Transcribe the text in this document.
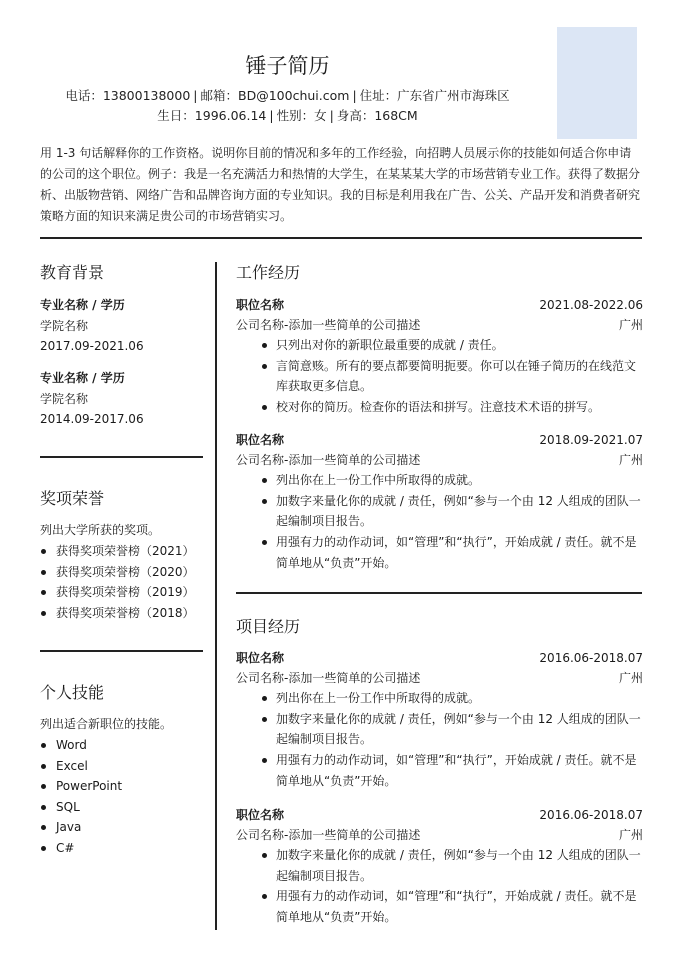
锤子简历
电话：13800138000 | 邮箱：BD@100chui.com | 住址：广东省广州市海珠区
生日：1996.06.14 | 性别：女 | 身高：168CM
用 1-3 句话解释你的工作资格。说明你目前的情况和多年的工作经验，向招聘人员展示你的技能如何适合你申请的公司的这个职位。例子：我是一名充满活力和热情的大学生，在某某某大学的市场营销专业工作。获得了数据分析、出版物营销、网络广告和品牌咨询方面的专业知识。我的目标是利用我在广告、公关、产品开发和消费者研究策略方面的知识来满足贵公司的市场营销实习。
教育背景
专业名称 / 学历
学院名称
2017.09-2021.06
专业名称 / 学历
学院名称
2014.09-2017.06
奖项荣誉
列出大学所获的奖项。
获得奖项荣誉榜（2021）
获得奖项荣誉榜（2020）
获得奖项荣誉榜（2019）
获得奖项荣誉榜（2018）
个人技能
列出适合新职位的技能。
Word
Excel
PowerPoint
SQL
Java
C#
工作经历
职位名称	2021.08-2022.06
公司名称-添加一些简单的公司描述	广州
只列出对你的新职位最重要的成就 / 责任。
言简意赅。所有的要点都要简明扼要。你可以在锤子简历的在线范文库获取更多信息。
校对你的简历。检查你的语法和拼写。注意技术术语的拼写。
职位名称	2018.09-2021.07
公司名称-添加一些简单的公司描述	广州
列出你在上一份工作中所取得的成就。
加数字来量化你的成就 / 责任，例如“参与一个由 12 人组成的团队一起编制项目报告。
用强有力的动作动词，如“管理”和“执行”，开始成就 / 责任。就不是简单地从“负责”开始。
项目经历
职位名称	2016.06-2018.07
公司名称-添加一些简单的公司描述	广州
列出你在上一份工作中所取得的成就。
加数字来量化你的成就 / 责任，例如“参与一个由 12 人组成的团队一起编制项目报告。
用强有力的动作动词，如“管理”和“执行”，开始成就 / 责任。就不是简单地从“负责”开始。
职位名称	2016.06-2018.07
公司名称-添加一些简单的公司描述	广州
加数字来量化你的成就 / 责任，例如“参与一个由 12 人组成的团队一起编制项目报告。
用强有力的动作动词，如“管理”和“执行”，开始成就 / 责任。就不是简单地从“负责”开始。
